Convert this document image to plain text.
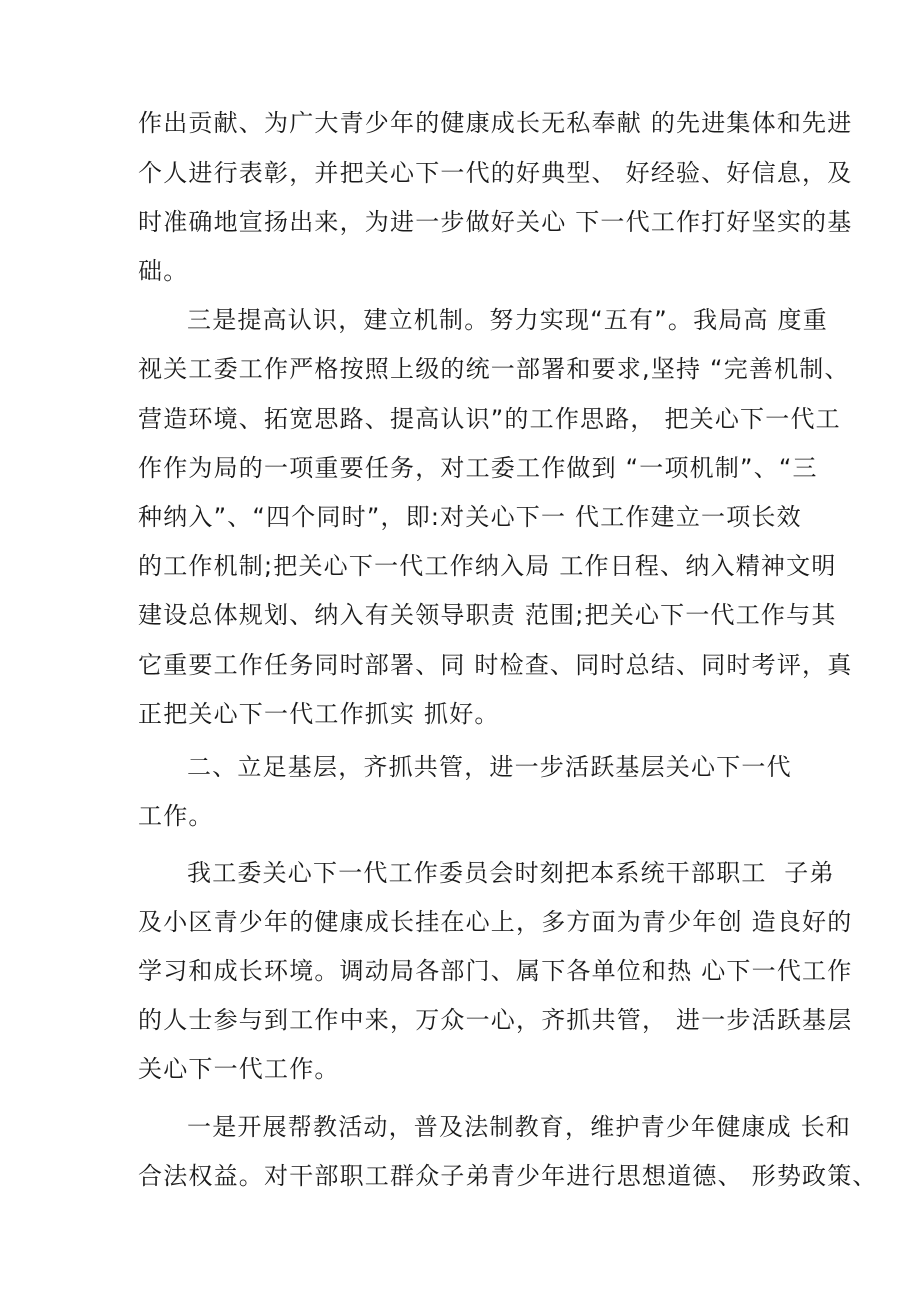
作出贡献、为广大青少年的健康成长无私奉献 的先进集体和先进
个人进行表彰，并把关心下一代的好典型、 好经验、好信息，及
时准确地宣扬出来，为进一步做好关心 下一代工作打好坚实的基
础。
三是提高认识，建立机制。努力实现“五有”。我局高 度重
视关工委工作严格按照上级的统一部署和要求,坚持 “完善机制、
营造环境、拓宽思路、提高认识”的工作思路， 把关心下一代工
作作为局的一项重要任务，对工委工作做到 “一项机制”、“三
种纳入”、“四个同时”，即:对关心下一 代工作建立一项长效
的工作机制;把关心下一代工作纳入局 工作日程、纳入精神文明
建设总体规划、纳入有关领导职责 范围;把关心下一代工作与其
它重要工作任务同时部署、同 时检查、同时总结、同时考评，真
正把关心下一代工作抓实 抓好。
二、立足基层，齐抓共管，进一步活跃基层关心下一代
工作。
我工委关心下一代工作委员会时刻把本系统干部职工  子弟
及小区青少年的健康成长挂在心上，多方面为青少年创 造良好的
学习和成长环境。调动局各部门、属下各单位和热 心下一代工作
的人士参与到工作中来，万众一心，齐抓共管， 进一步活跃基层
关心下一代工作。
一是开展帮教活动，普及法制教育，维护青少年健康成 长和
合法权益。对干部职工群众子弟青少年进行思想道德、 形势政策、
